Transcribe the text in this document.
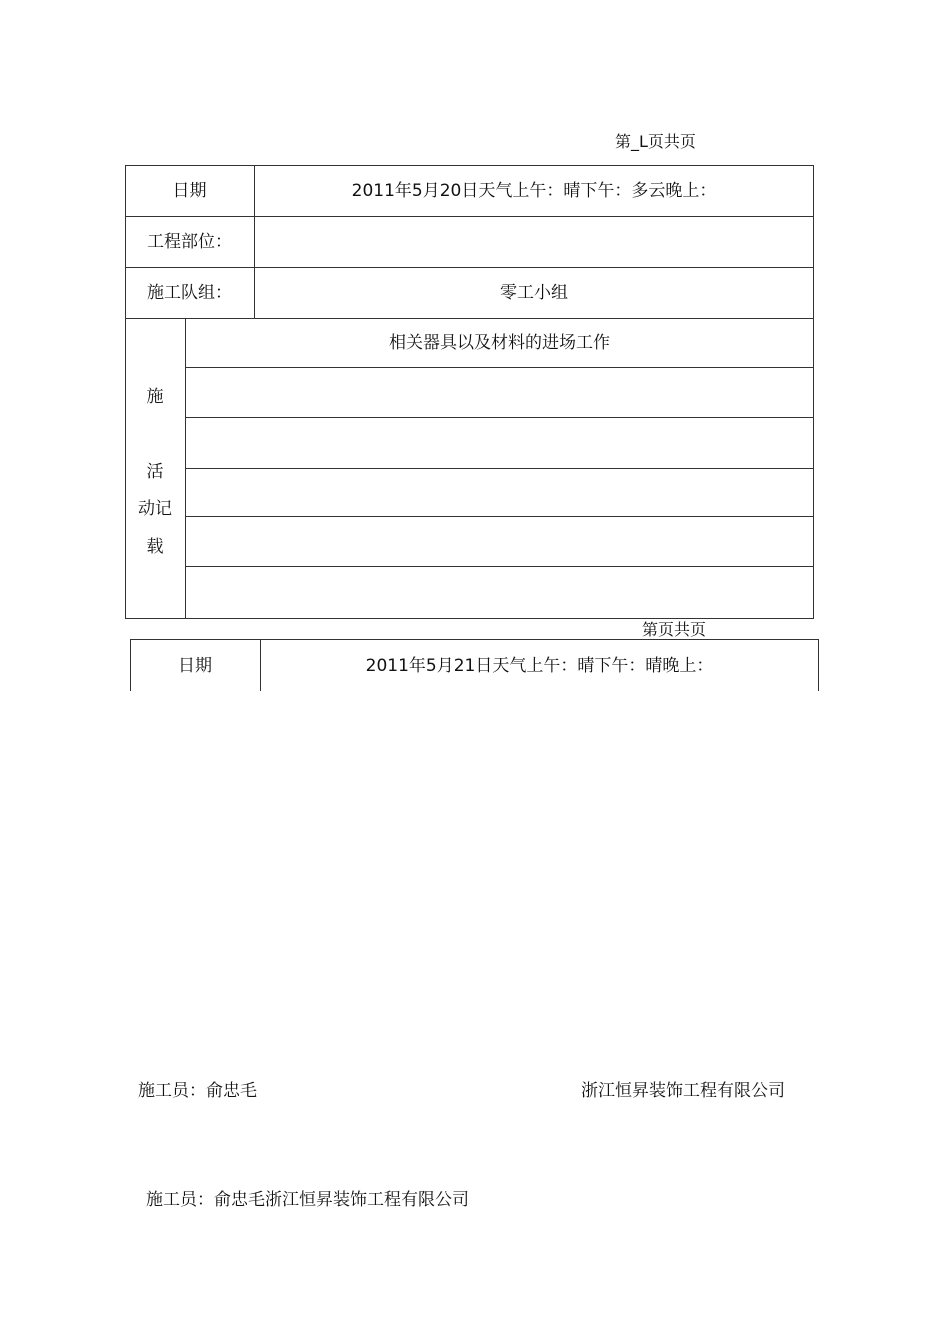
第_L页共页
日期	2011年5月20日天气上午：晴下午：多云晚上：
工程部位：
施工队组：	零工小组
施
活
动记
载
相关器具以及材料的进场工作
第页共页
日期	2011年5月21日天气上午：晴下午：晴晚上：
施工员：俞忠毛	浙江恒昇装饰工程有限公司
施工员：俞忠毛浙江恒昇装饰工程有限公司
